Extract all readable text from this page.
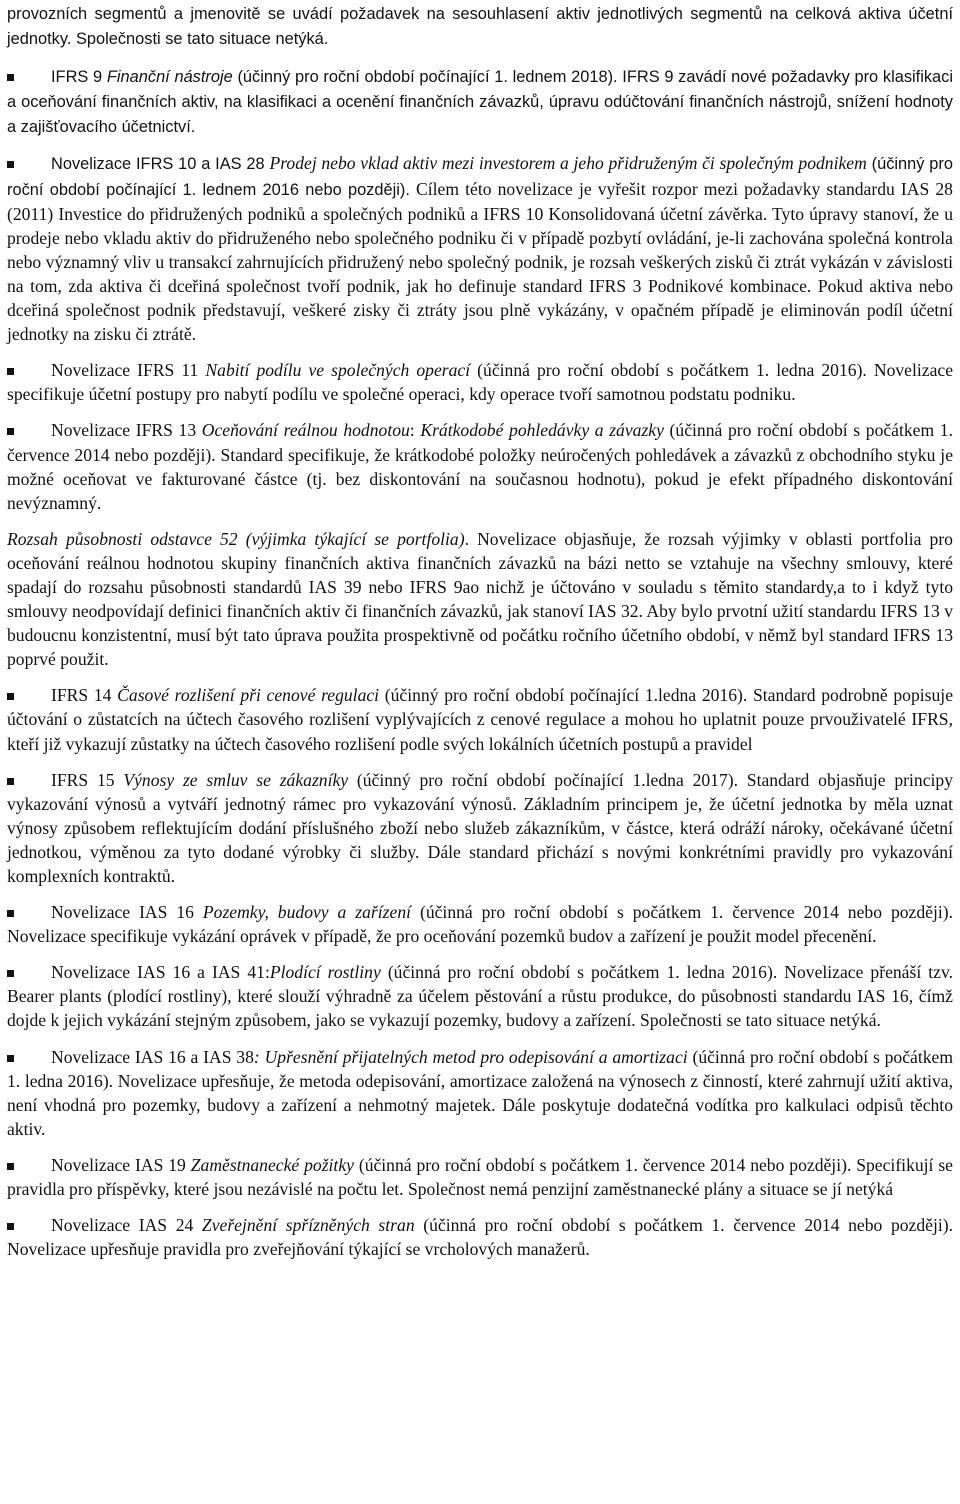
provozních segmentů a jmenovitě se uvádí požadavek na sesouhlasení aktiv jednotlivých segmentů na celková aktiva účetní jednotky. Společnosti se tato situace netýká.

IFRS 9 Finanční nástroje (účinný pro roční období počínající 1. lednem 2018). IFRS 9 zavádí nové požadavky pro klasifikaci a oceňování finančních aktiv, na klasifikaci a ocenění finančních závazků, úpravu odúčtování finančních nástrojů, snížení hodnoty a zajišťovacího účetnictví.

Novelizace IFRS 10 a IAS 28 Prodej nebo vklad aktiv mezi investorem a jeho přidruženým či společným podnikem (účinný pro roční období počínající 1. lednem 2016 nebo později). Cílem této novelizace je vyřešit rozpor mezi požadavky standardu IAS 28 (2011) Investice do přidružených podniků a společných podniků a IFRS 10 Konsolidovaná účetní závěrka. Tyto úpravy stanoví, že u prodeje nebo vkladu aktiv do přidruženého nebo společného podniku či v případě pozbytí ovládání, je-li zachována společná kontrola nebo významný vliv u transakcí zahrnujících přidružený nebo společný podnik, je rozsah veškerých zisků či ztrát vykázán v závislosti na tom, zda aktiva či dceřiná společnost tvoří podnik, jak ho definuje standard IFRS 3 Podnikové kombinace. Pokud aktiva nebo dceřiná společnost podnik představují, veškeré zisky či ztráty jsou plně vykázány, v opačném případě je eliminován podíl účetní jednotky na zisku či ztrátě.

Novelizace IFRS 11 Nabití podílu ve společných operací (účinná pro roční období s počátkem 1. ledna 2016). Novelizace specifikuje účetní postupy pro nabytí podílu ve společné operaci, kdy operace tvoří samotnou podstatu podniku.

Novelizace IFRS 13 Oceňování reálnou hodnotou: Krátkodobé pohledávky a závazky (účinná pro roční období s počátkem 1. července 2014 nebo později). Standard specifikuje, že krátkodobé položky neúročených pohledávek a závazků z obchodního styku je možné oceňovat ve fakturované částce (tj. bez diskontování na současnou hodnotu), pokud je efekt případného diskontování nevýznamný.

Rozsah působnosti odstavce 52 (výjimka týkající se portfolia). Novelizace objasňuje, že rozsah výjimky v oblasti portfolia pro oceňování reálnou hodnotou skupiny finančních aktiva finančních závazků na bázi netto se vztahuje na všechny smlouvy, které spadají do rozsahu působnosti standardů IAS 39 nebo IFRS 9ao nichž je účtováno v souladu s těmito standardy,a to i když tyto smlouvy neodpovídají definici finančních aktiv či finančních závazků, jak stanoví IAS 32. Aby bylo prvotní užití standardu IFRS 13 v budoucnu konzistentní, musí být tato úprava použita prospektivně od počátku ročního účetního období, v němž byl standard IFRS 13 poprvé použit.

IFRS 14 Časové rozlišení při cenové regulaci (účinný pro roční období počínající 1.ledna 2016). Standard podrobně popisuje účtování o zůstatcích na účtech časového rozlišení vyplývajících z cenové regulace a mohou ho uplatnit pouze prvouživatelé IFRS, kteří již vykazují zůstatky na účtech časového rozlišení podle svých lokálních účetních postupů a pravidel

IFRS 15 Výnosy ze smluv se zákazníky (účinný pro roční období počínající 1.ledna 2017). Standard objasňuje principy vykazování výnosů a vytváří jednotný rámec pro vykazování výnosů. Základním principem je, že účetní jednotka by měla uznat výnosy způsobem reflektujícím dodání příslušného zboží nebo služeb zákazníkům, v částce, která odráží nároky, očekávané účetní jednotkou, výměnou za tyto dodané výrobky či služby. Dále standard přichází s novými konkrétními pravidly pro vykazování komplexních kontraktů.

Novelizace IAS 16 Pozemky, budovy a zařízení (účinná pro roční období s počátkem 1. července 2014 nebo později). Novelizace specifikuje vykázání oprávek v případě, že pro oceňování pozemků budov a zařízení je použit model přecenění.

Novelizace IAS 16 a IAS 41:Plodící rostliny (účinná pro roční období s počátkem 1. ledna 2016). Novelizace přenáší tzv. Bearer plants (plodící rostliny), které slouží výhradně za účelem pěstování a růstu produkce, do působnosti standardu IAS 16, čímž dojde k jejich vykázání stejným způsobem, jako se vykazují pozemky, budovy a zařízení. Společnosti se tato situace netýká.

Novelizace IAS 16 a IAS 38: Upřesnění přijatelných metod pro odepisování a amortizaci (účinná pro roční období s počátkem 1. ledna 2016). Novelizace upřesňuje, že metoda odepisování, amortizace založená na výnosech z činností, které zahrnují užití aktiva, není vhodná pro pozemky, budovy a zařízení a nehmotný majetek. Dále poskytuje dodatečná vodítka pro kalkulaci odpisů těchto aktiv.

Novelizace IAS 19 Zaměstnanecké požitky (účinná pro roční období s počátkem 1. července 2014 nebo později). Specifikují se pravidla pro příspěvky, které jsou nezávislé na počtu let. Společnost nemá penzijní zaměstnanecké plány a situace se jí netýká

Novelizace IAS 24 Zveřejnění spřízněných stran (účinná pro roční období s počátkem 1. července 2014 nebo později). Novelizace upřesňuje pravidla pro zveřejňování týkající se vrcholových manažerů.
